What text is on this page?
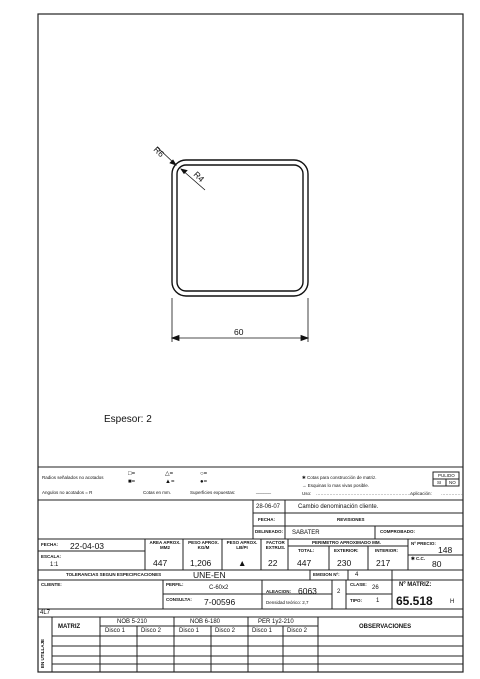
R6
R4
60
Espesor: 2
Radios señalados no acotados
□=
■=
△=
▲=
○=
●=
Angulos no acotados = R	Cotas en mm.	Superficies expuestas:	______
✱ Cotas para construcción de matriz.
→ Esquinas lo mas vivas posible.
Uso: …………………………………………………………
Aplicación: ……………
PULIDO
SI NO
28-06-07	Cambio denominación cliente.
FECHA:	REVISIONES
DELINEADO: SABATER	COMPROBADO:
FECHA: 22-04-03
ESCALA:
1:1
AREA APROX. MM2
447
PESO APROX. KG/M
1,206
PESO APROX. LB/PI
▲
FACTOR EXTRUS.
22
PERIMETRO APROXIMADO MM.
TOTAL:
447
EXTERIOR:
230
INTERIOR:
217
Nº PRECIO:
148
✱ C.C.
80
TOLERANCIAS SEGUN ESPECIFICACIONES	UNE-EN	EMISION Nº:	4
CLIENTE:	PERFIL:
C-60x2
CONSULTA: 7-00596
ALEACION: 6063
Densidad teórico: 2,7
2
CLASE:
26
TIPO: 1
Nº MATRIZ:
65.518	H
4L7
MATRIZ
NOB 5-210	NOB 6-180	PER 1y2-210
Disco 1	Disco 2	Disco 1	Disco 2	Disco 1 Disco 2
OBSERVACIONES
EN UTILLAJE
